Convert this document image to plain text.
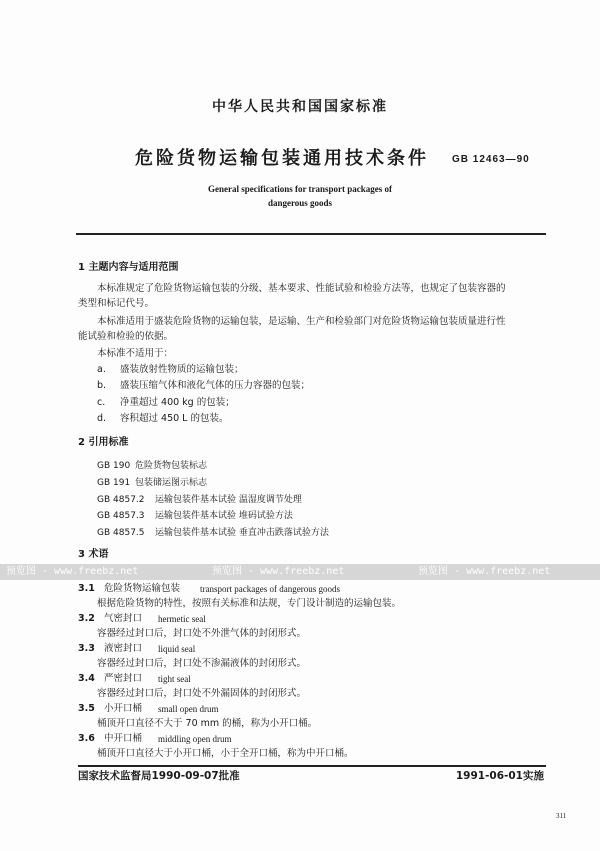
中华人民共和国国家标准
危险货物运输包装通用技术条件 GB 12463—90
General specifications for transport packages of
dangerous goods
1 主题内容与适用范围
本标准规定了危险货物运输包装的分级、基本要求、性能试验和检验方法等，也规定了包装容器的
类型和标记代号。
本标准适用于盛装危险货物的运输包装，是运输、生产和检验部门对危险货物运输包装质量进行性
能试验和检验的依据。
本标准不适用于：
a. 盛装放射性物质的运输包装；
b. 盛装压缩气体和液化气体的压力容器的包装；
c. 净重超过 400 kg 的包装；
d. 容积超过 450 L 的包装。
2 引用标准
GB 190 危险货物包装标志
GB 191 包装储运图示标志
GB 4857.2 运输包装件基本试验 温湿度调节处理
GB 4857.3 运输包装件基本试验 堆码试验方法
GB 4857.5 运输包装件基本试验 垂直冲击跌落试验方法
3 术语
预览图 - www.freebz.net	预览图 - www.freebz.net	预览图 - www.freebz.net
3.1 危险货物运输包装 transport packages of dangerous goods
根据危险货物的特性，按照有关标准和法规，专门设计制造的运输包装。
3.2 气密封口 hermetic seal
容器经过封口后，封口处不外泄气体的封闭形式。
3.3 液密封口 liquid seal
容器经过封口后，封口处不渗漏液体的封闭形式。
3.4 严密封口 tight seal
容器经过封口后，封口处不外漏固体的封闭形式。
3.5 小开口桶 small open drum
桶顶开口直径不大于 70 mm 的桶，称为小开口桶。
3.6 中开口桶 middling open drum
桶顶开口直径大于小开口桶，小于全开口桶，称为中开口桶。
国家技术监督局1990-09-07批准	1991-06-01实施
311
